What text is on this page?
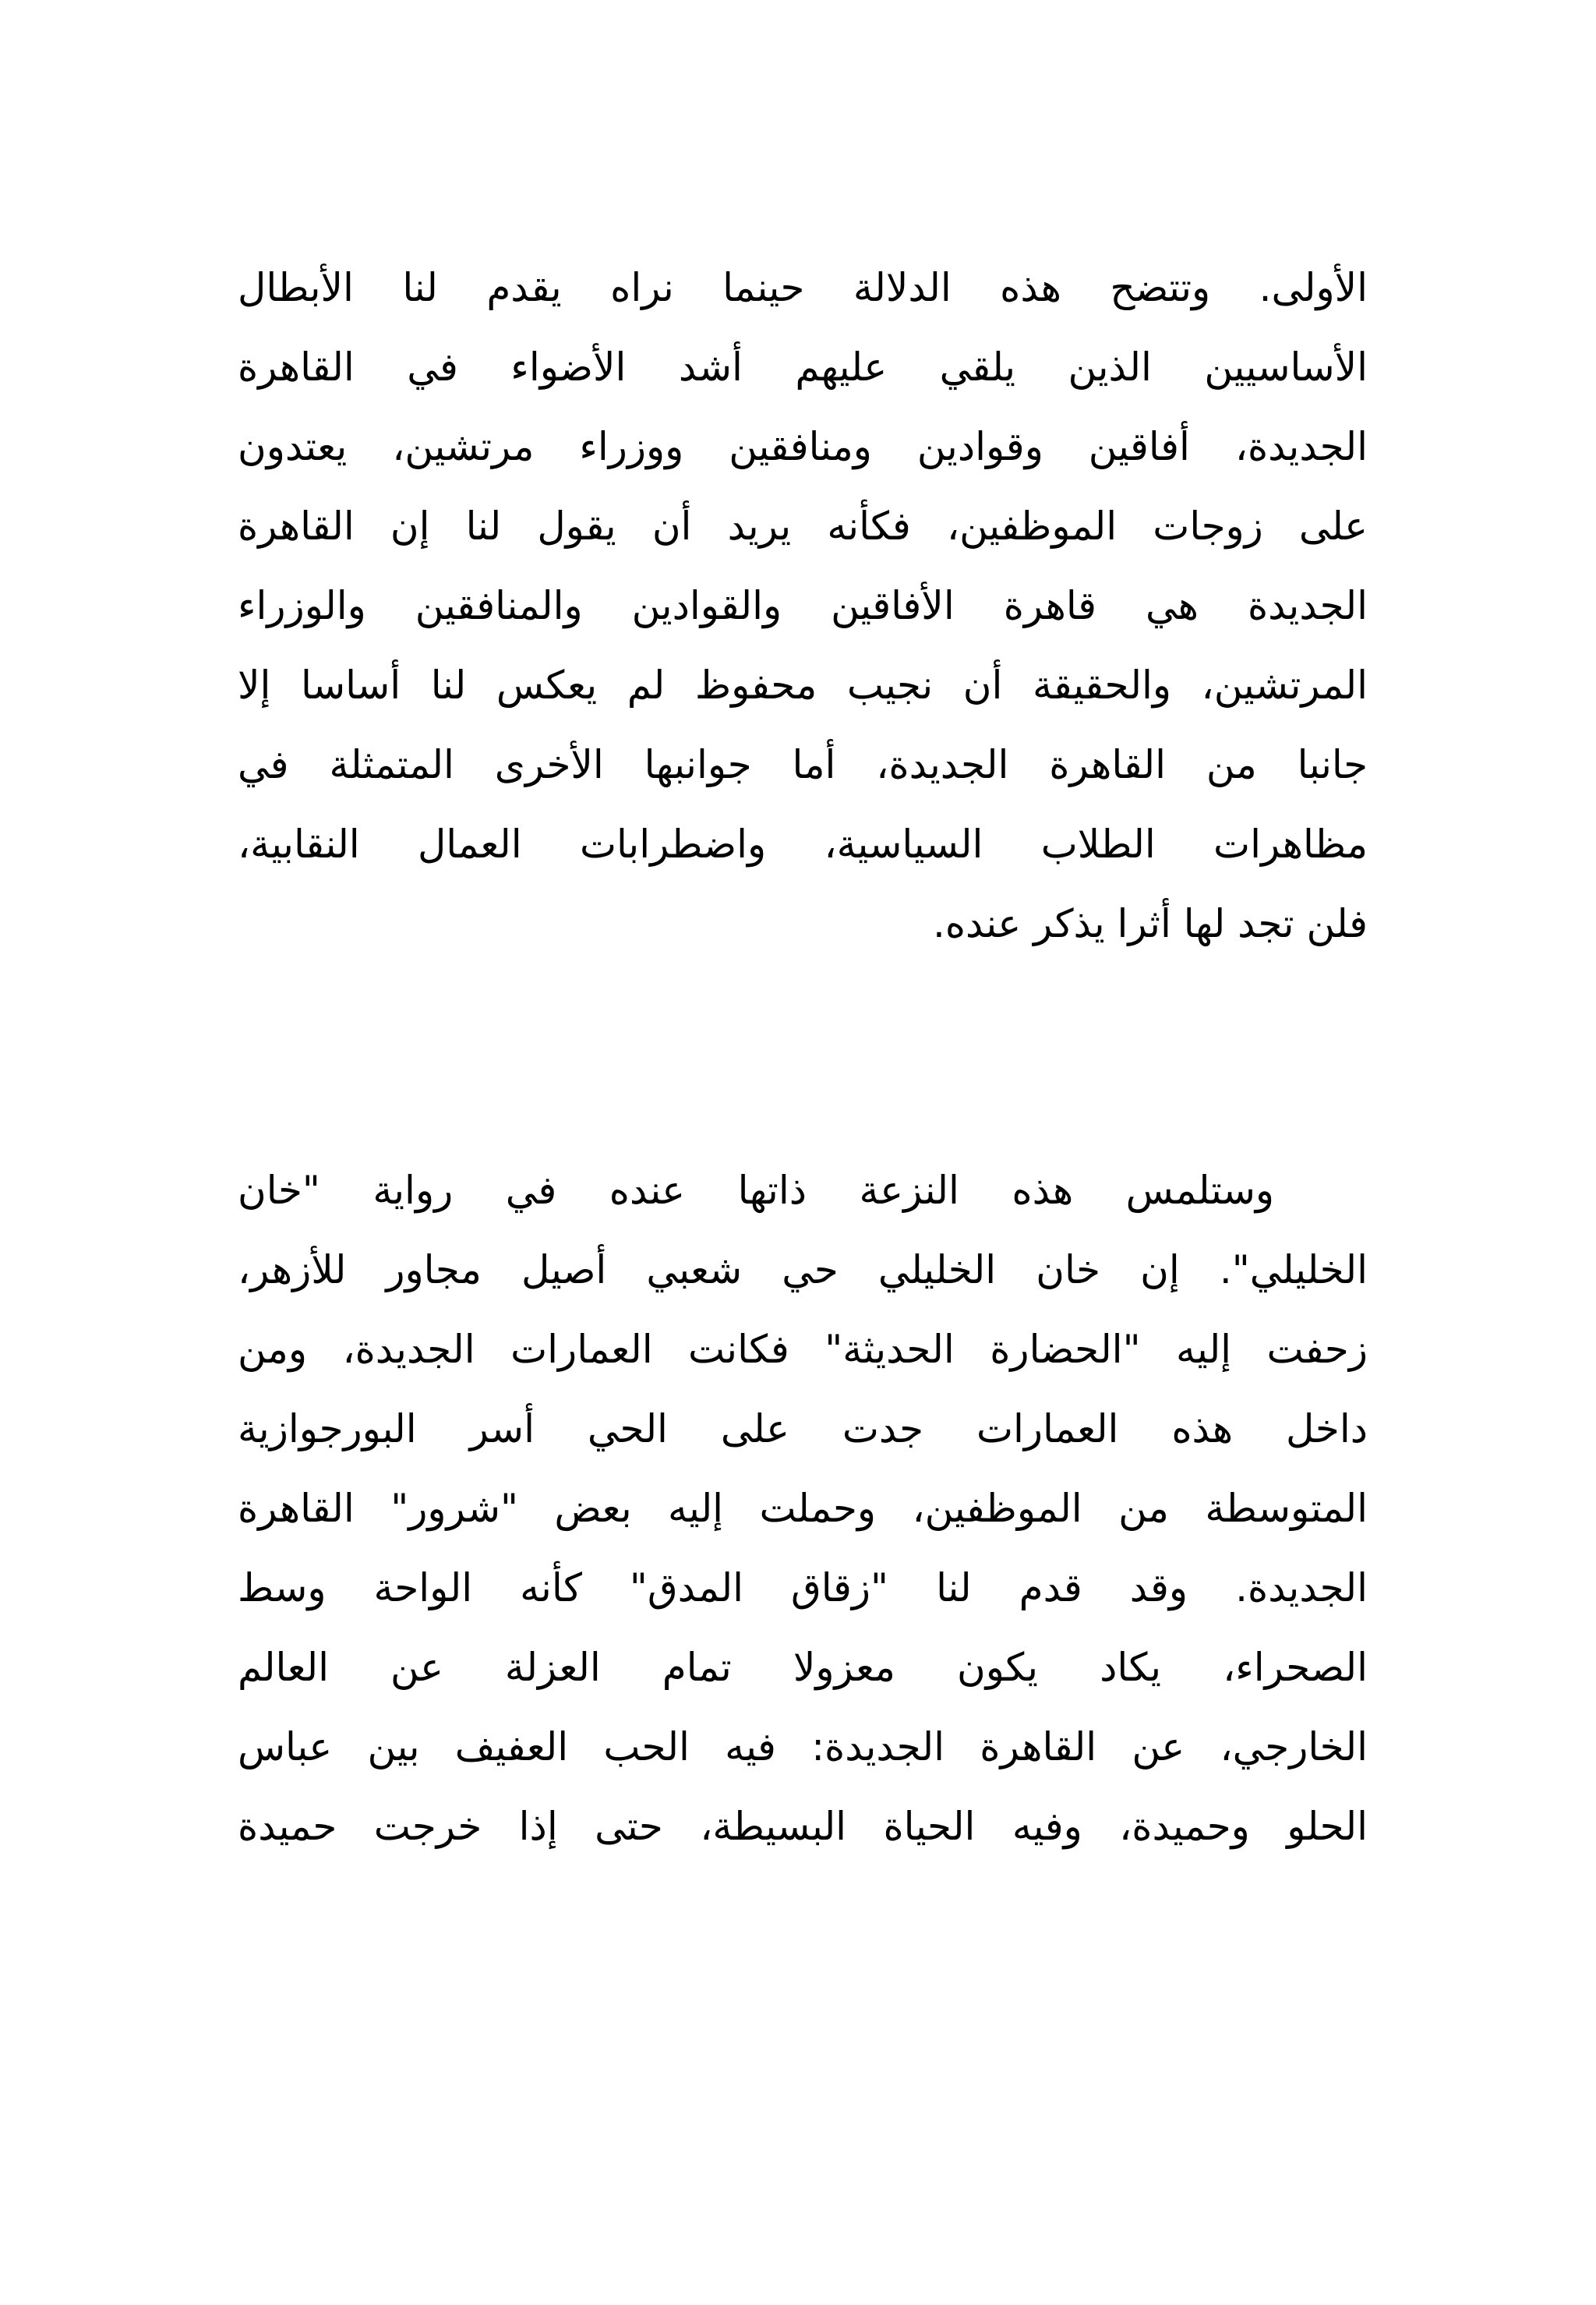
الأولى. وتتضح هذه الدلالة حينما نراه يقدم لنا الأبطال
الأساسيين الذين يلقي عليهم أشد الأضواء في القاهرة
الجديدة، أفاقين وقوادين ومنافقين ووزراء مرتشين، يعتدون
على زوجات الموظفين، فكأنه يريد أن يقول لنا إن القاهرة
الجديدة هي قاهرة الأفاقين والقوادين والمنافقين والوزراء
المرتشين، والحقيقة أن نجيب محفوظ لم يعكس لنا أساسا إلا
جانبا من القاهرة الجديدة، أما جوانبها الأخرى المتمثلة في
مظاهرات الطلاب السياسية، واضطرابات العمال النقابية،
فلن تجد لها أثرا يذكر عنده.
وستلمس هذه النزعة ذاتها عنده في رواية "خان
الخليلي". إن خان الخليلي حي شعبي أصيل مجاور للأزهر،
زحفت إليه "الحضارة الحديثة" فكانت العمارات الجديدة، ومن
داخل هذه العمارات جدت على الحي أسر البورجوازية
المتوسطة من الموظفين، وحملت إليه بعض "شرور" القاهرة
الجديدة. وقد قدم لنا "زقاق المدق" كأنه الواحة وسط
الصحراء، يكاد يكون معزولا تمام العزلة عن العالم
الخارجي، عن القاهرة الجديدة: فيه الحب العفيف بين عباس
الحلو وحميدة، وفيه الحياة البسيطة، حتى إذا خرجت حميدة
